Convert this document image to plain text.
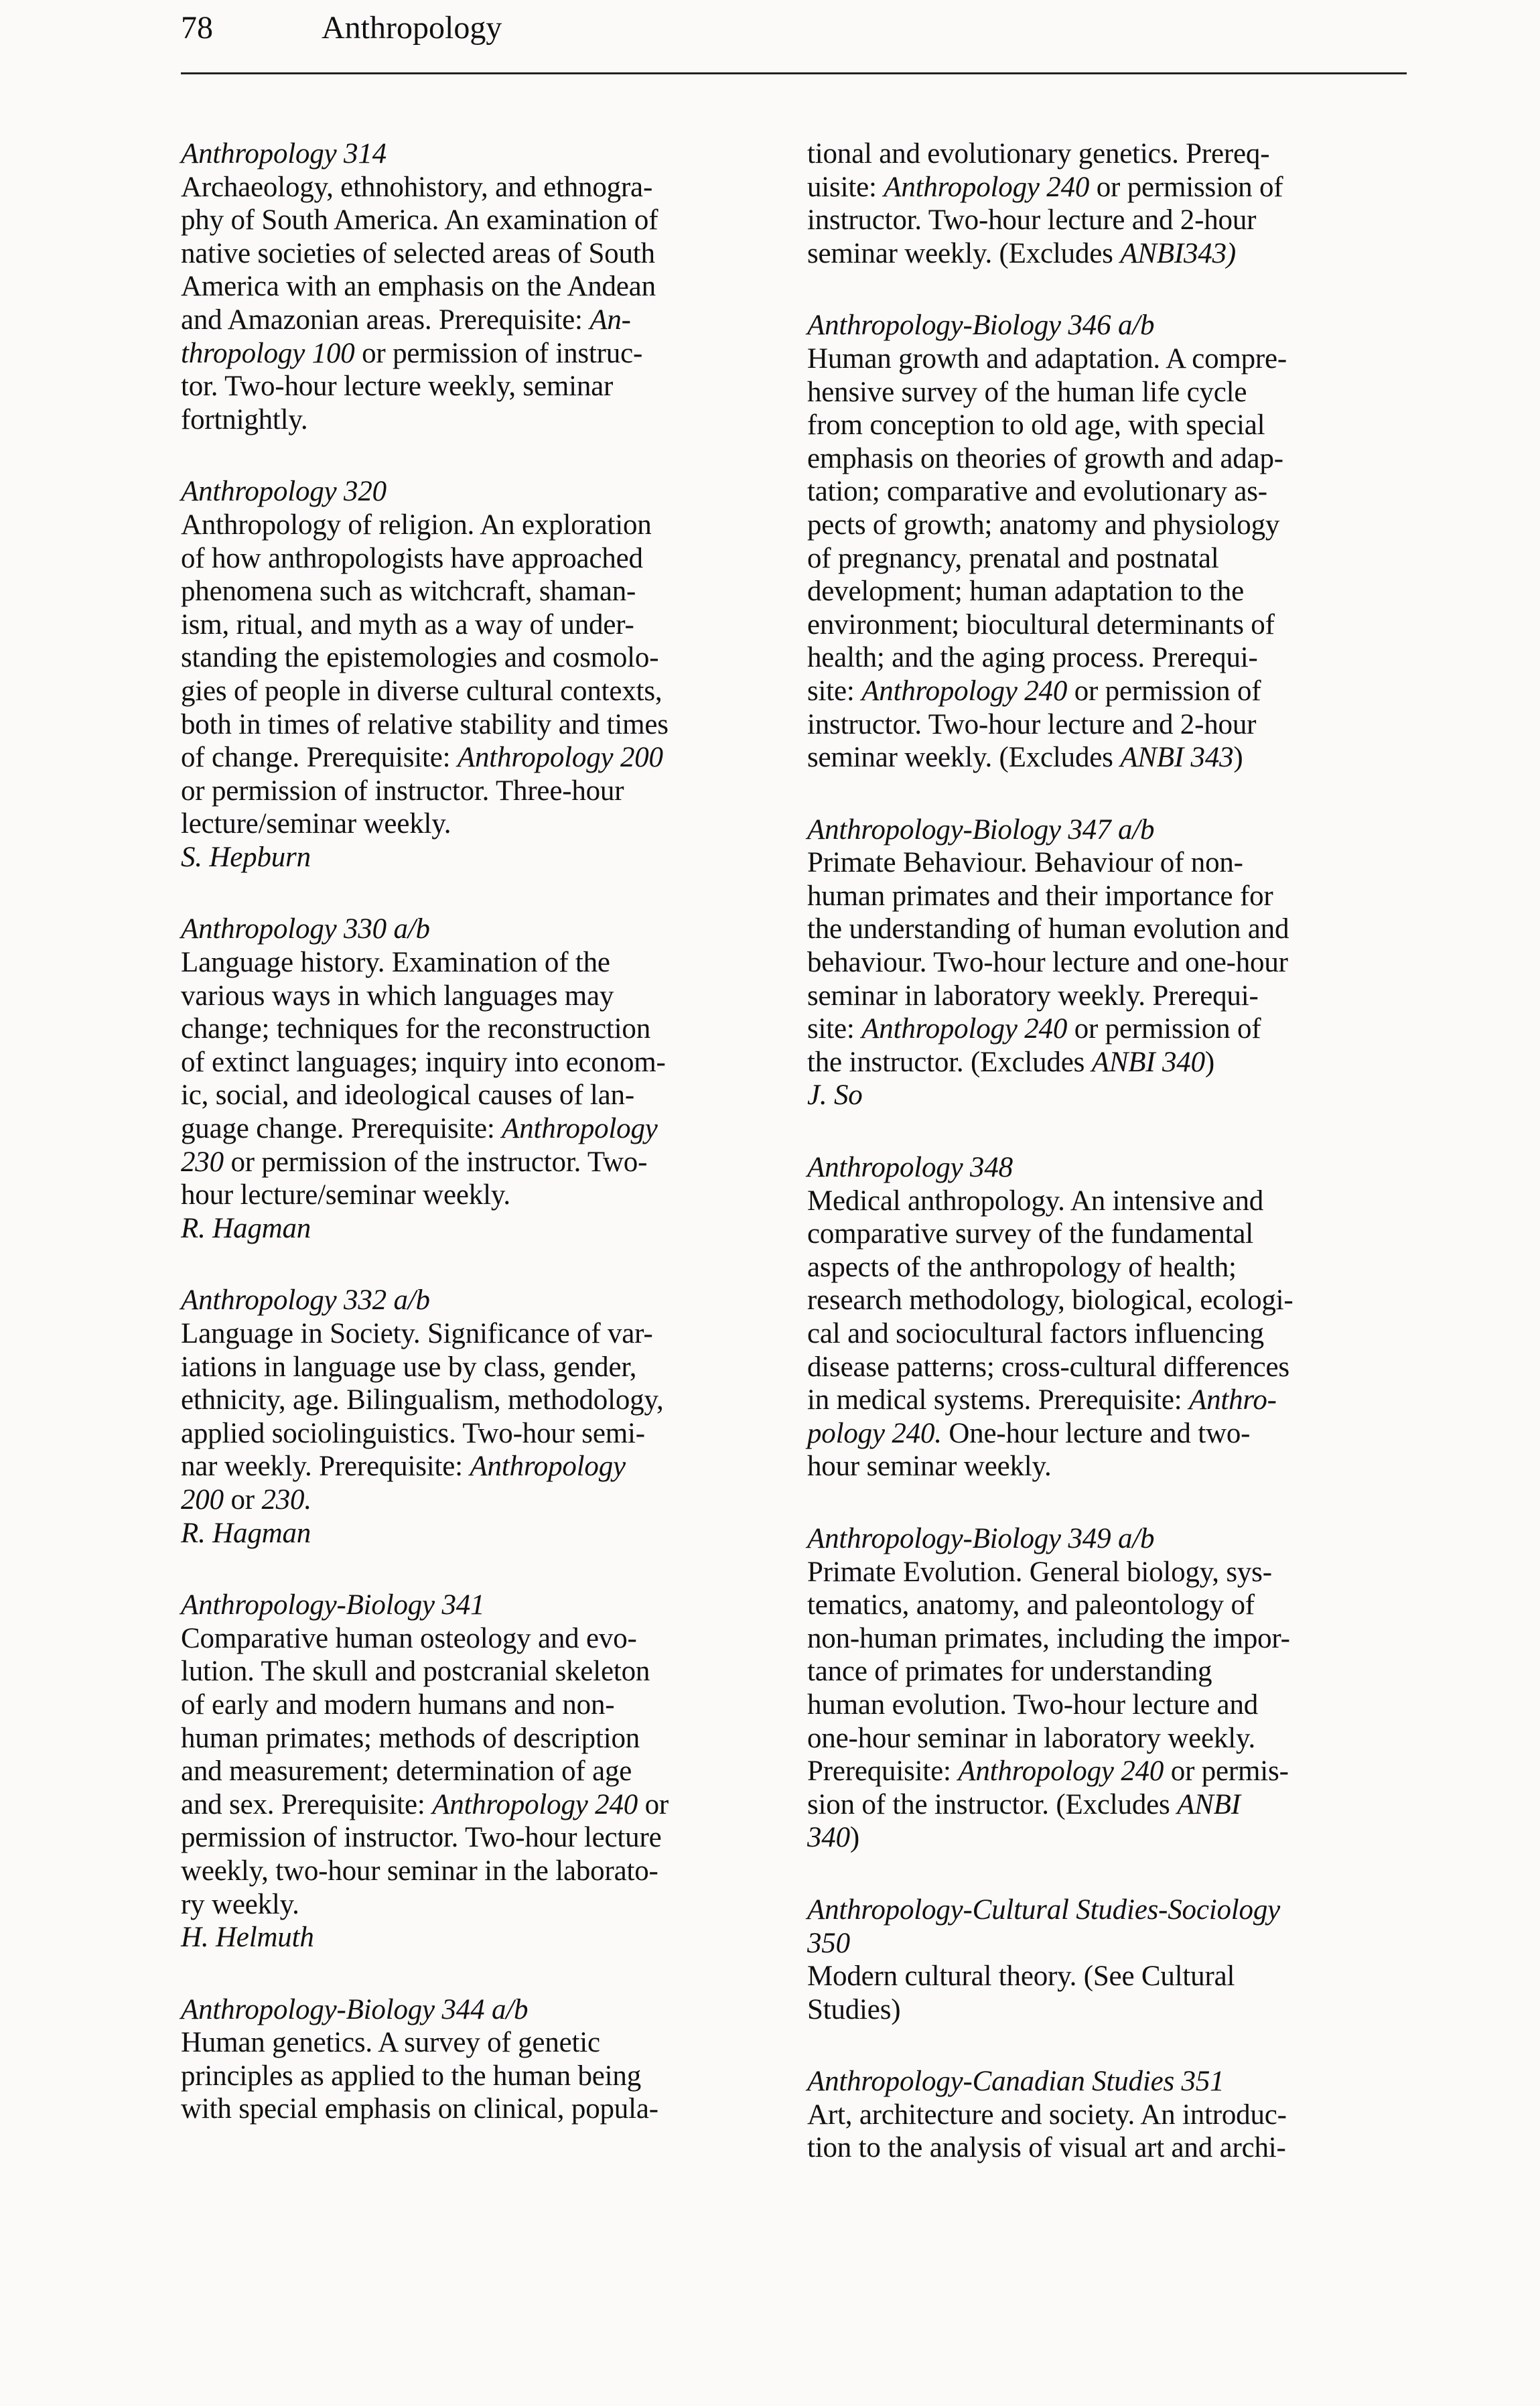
78	Anthropology
Anthropology 314
Archaeology, ethnohistory, and ethnogra-
phy of South America. An examination of
native societies of selected areas of South
America with an emphasis on the Andean
and Amazonian areas. Prerequisite: An-
thropology 100 or permission of instruc-
tor. Two-hour lecture weekly, seminar
fortnightly.
Anthropology 320
Anthropology of religion. An exploration
of how anthropologists have approached
phenomena such as witchcraft, shaman-
ism, ritual, and myth as a way of under-
standing the epistemologies and cosmolo-
gies of people in diverse cultural contexts,
both in times of relative stability and times
of change. Prerequisite: Anthropology 200
or permission of instructor. Three-hour
lecture/seminar weekly.
S. Hepburn
Anthropology 330 a/b
Language history. Examination of the
various ways in which languages may
change; techniques for the reconstruction
of extinct languages; inquiry into econom-
ic, social, and ideological causes of lan-
guage change. Prerequisite: Anthropology
230 or permission of the instructor. Two-
hour lecture/seminar weekly.
R. Hagman
Anthropology 332 a/b
Language in Society. Significance of var-
iations in language use by class, gender,
ethnicity, age. Bilingualism, methodology,
applied sociolinguistics. Two-hour semi-
nar weekly. Prerequisite: Anthropology
200 or 230.
R. Hagman
Anthropology-Biology 341
Comparative human osteology and evo-
lution. The skull and postcranial skeleton
of early and modern humans and non-
human primates; methods of description
and measurement; determination of age
and sex. Prerequisite: Anthropology 240 or
permission of instructor. Two-hour lecture
weekly, two-hour seminar in the laborato-
ry weekly.
H. Helmuth
Anthropology-Biology 344 a/b
Human genetics. A survey of genetic
principles as applied to the human being
with special emphasis on clinical, popula-
tional and evolutionary genetics. Prereq-
uisite: Anthropology 240 or permission of
instructor. Two-hour lecture and 2-hour
seminar weekly. (Excludes ANBI343)
Anthropology-Biology 346 a/b
Human growth and adaptation. A compre-
hensive survey of the human life cycle
from conception to old age, with special
emphasis on theories of growth and adap-
tation; comparative and evolutionary as-
pects of growth; anatomy and physiology
of pregnancy, prenatal and postnatal
development; human adaptation to the
environment; biocultural determinants of
health; and the aging process. Prerequi-
site: Anthropology 240 or permission of
instructor. Two-hour lecture and 2-hour
seminar weekly. (Excludes ANBI 343)
Anthropology-Biology 347 a/b
Primate Behaviour. Behaviour of non-
human primates and their importance for
the understanding of human evolution and
behaviour. Two-hour lecture and one-hour
seminar in laboratory weekly. Prerequi-
site: Anthropology 240 or permission of
the instructor. (Excludes ANBI 340)
J. So
Anthropology 348
Medical anthropology. An intensive and
comparative survey of the fundamental
aspects of the anthropology of health;
research methodology, biological, ecologi-
cal and sociocultural factors influencing
disease patterns; cross-cultural differences
in medical systems. Prerequisite: Anthro-
pology 240. One-hour lecture and two-
hour seminar weekly.
Anthropology-Biology 349 a/b
Primate Evolution. General biology, sys-
tematics, anatomy, and paleontology of
non-human primates, including the impor-
tance of primates for understanding
human evolution. Two-hour lecture and
one-hour seminar in laboratory weekly.
Prerequisite: Anthropology 240 or permis-
sion of the instructor. (Excludes ANBI
340)
Anthropology-Cultural Studies-Sociology
350
Modern cultural theory. (See Cultural
Studies)
Anthropology-Canadian Studies 351
Art, architecture and society. An introduc-
tion to the analysis of visual art and archi-
